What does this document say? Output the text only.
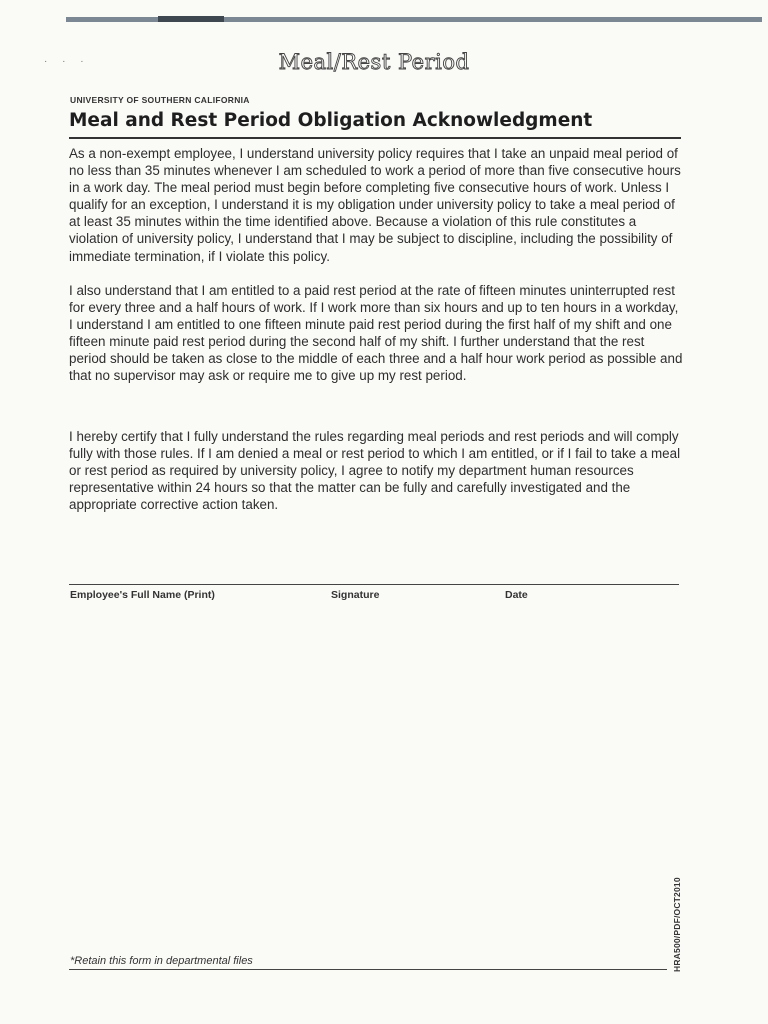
· · ·	Meal/Rest Period
UNIVERSITY OF SOUTHERN CALIFORNIA
Meal and Rest Period Obligation Acknowledgment

As a non-exempt employee, I understand university policy requires that I take an unpaid meal period of no less than 35 minutes whenever I am scheduled to work a period of more than five consecutive hours in a work day. The meal period must begin before completing five consecutive hours of work. Unless I qualify for an exception, I understand it is my obligation under university policy to take a meal period of at least 35 minutes within the time identified above. Because a violation of this rule constitutes a violation of university policy, I understand that I may be subject to discipline, including the possibility of immediate termination, if I violate this policy.

I also understand that I am entitled to a paid rest period at the rate of fifteen minutes uninterrupted rest for every three and a half hours of work. If I work more than six hours and up to ten hours in a workday, I understand I am entitled to one fifteen minute paid rest period during the first half of my shift and one fifteen minute paid rest period during the second half of my shift. I further understand that the rest period should be taken as close to the middle of each three and a half hour work period as possible and that no supervisor may ask or require me to give up my rest period.

I hereby certify that I fully understand the rules regarding meal periods and rest periods and will comply fully with those rules. If I am denied a meal or rest period to which I am entitled, or if I fail to take a meal or rest period as required by university policy, I agree to notify my department human resources representative within 24 hours so that the matter can be fully and carefully investigated and the appropriate corrective action taken.

Employee's Full Name (Print)	Signature	Date
*Retain this form in departmental files	HRA500/PDF/OCT2010
